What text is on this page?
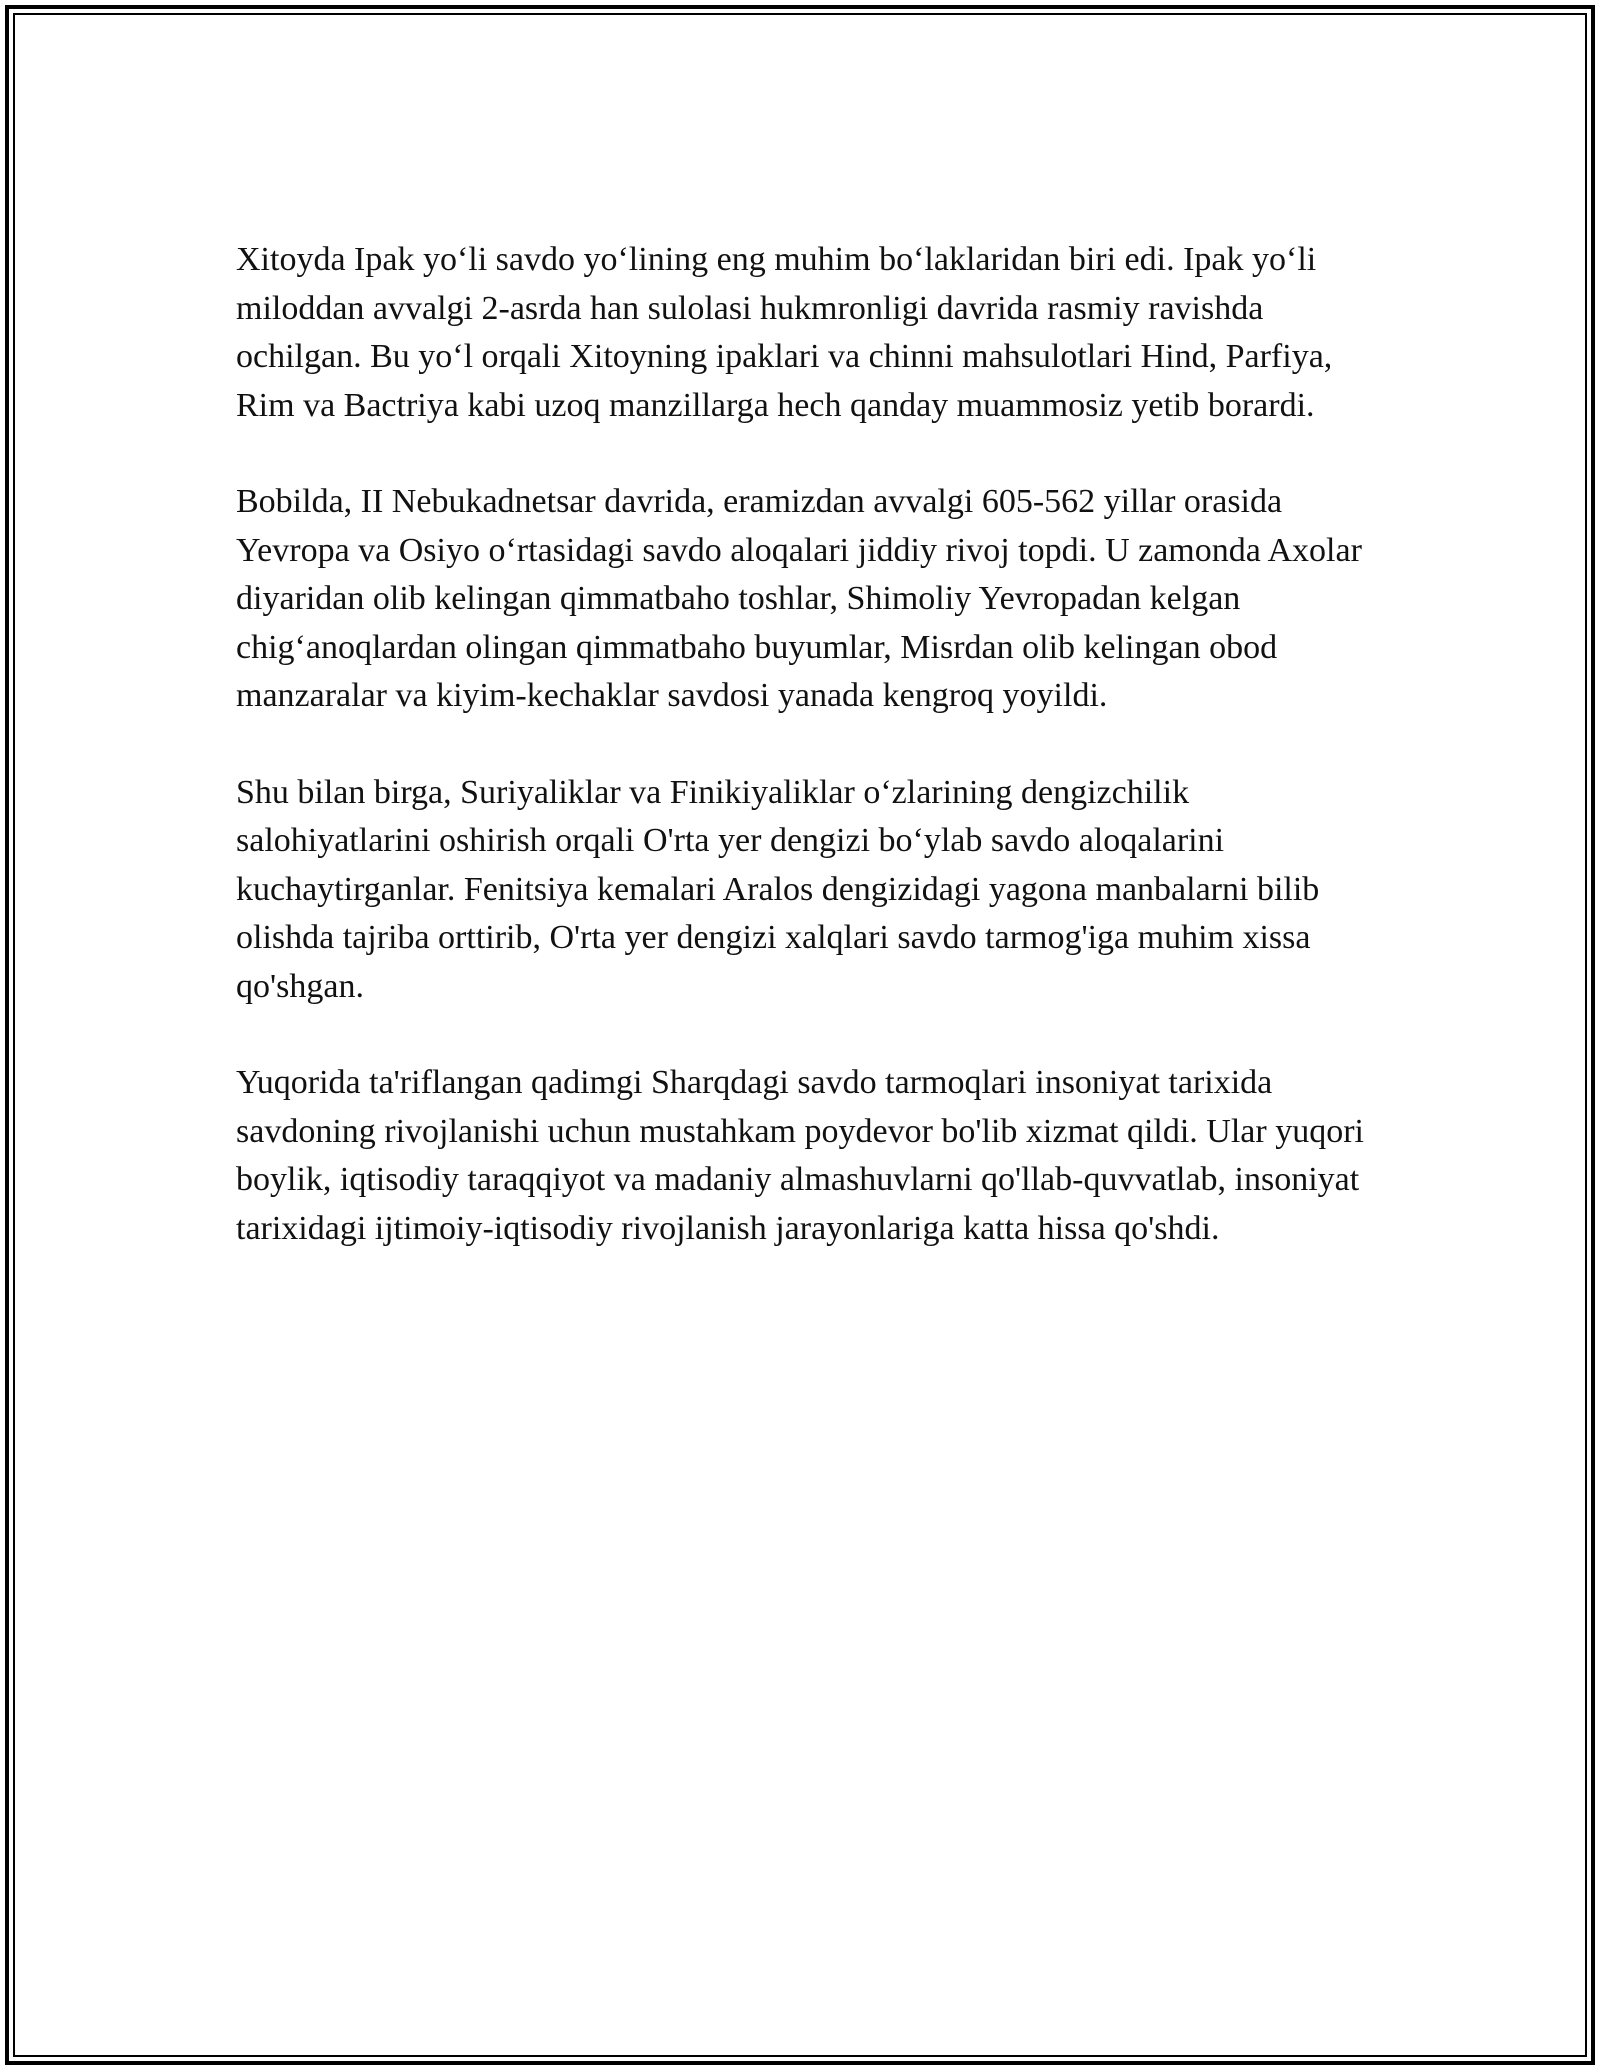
Xitoyda Ipak yo‘li savdo yo‘lining eng muhim bo‘laklaridan biri edi. Ipak yo‘li miloddan avvalgi 2-asrda han sulolasi hukmronligi davrida rasmiy ravishda ochilgan. Bu yo‘l orqali Xitoyning ipaklari va chinni mahsulotlari Hind, Parfiya, Rim va Bactriya kabi uzoq manzillarga hech qanday muammosiz yetib borardi.

Bobilda, II Nebukadnetsar davrida, eramizdan avvalgi 605-562 yillar orasida Yevropa va Osiyo o‘rtasidagi savdo aloqalari jiddiy rivoj topdi. U zamonda Axolar diyaridan olib kelingan qimmatbaho toshlar, Shimoliy Yevropadan kelgan chig‘anoqlardan olingan qimmatbaho buyumlar, Misrdan olib kelingan obod manzaralar va kiyim-kechaklar savdosi yanada kengroq yoyildi.

Shu bilan birga, Suriyaliklar va Finikiyaliklar o‘zlarining dengizchilik salohiyatlarini oshirish orqali O'rta yer dengizi bo‘ylab savdo aloqalarini kuchaytirganlar. Fenitsiya kemalari Aralos dengizidagi yagona manbalarni bilib olishda tajriba orttirib, O'rta yer dengizi xalqlari savdo tarmog'iga muhim xissa qo'shgan.

Yuqorida ta'riflangan qadimgi Sharqdagi savdo tarmoqlari insoniyat tarixida savdoning rivojlanishi uchun mustahkam poydevor bo'lib xizmat qildi. Ular yuqori boylik, iqtisodiy taraqqiyot va madaniy almashuvlarni qo'llab-quvvatlab, insoniyat tarixidagi ijtimoiy-iqtisodiy rivojlanish jarayonlariga katta hissa qo'shdi.
